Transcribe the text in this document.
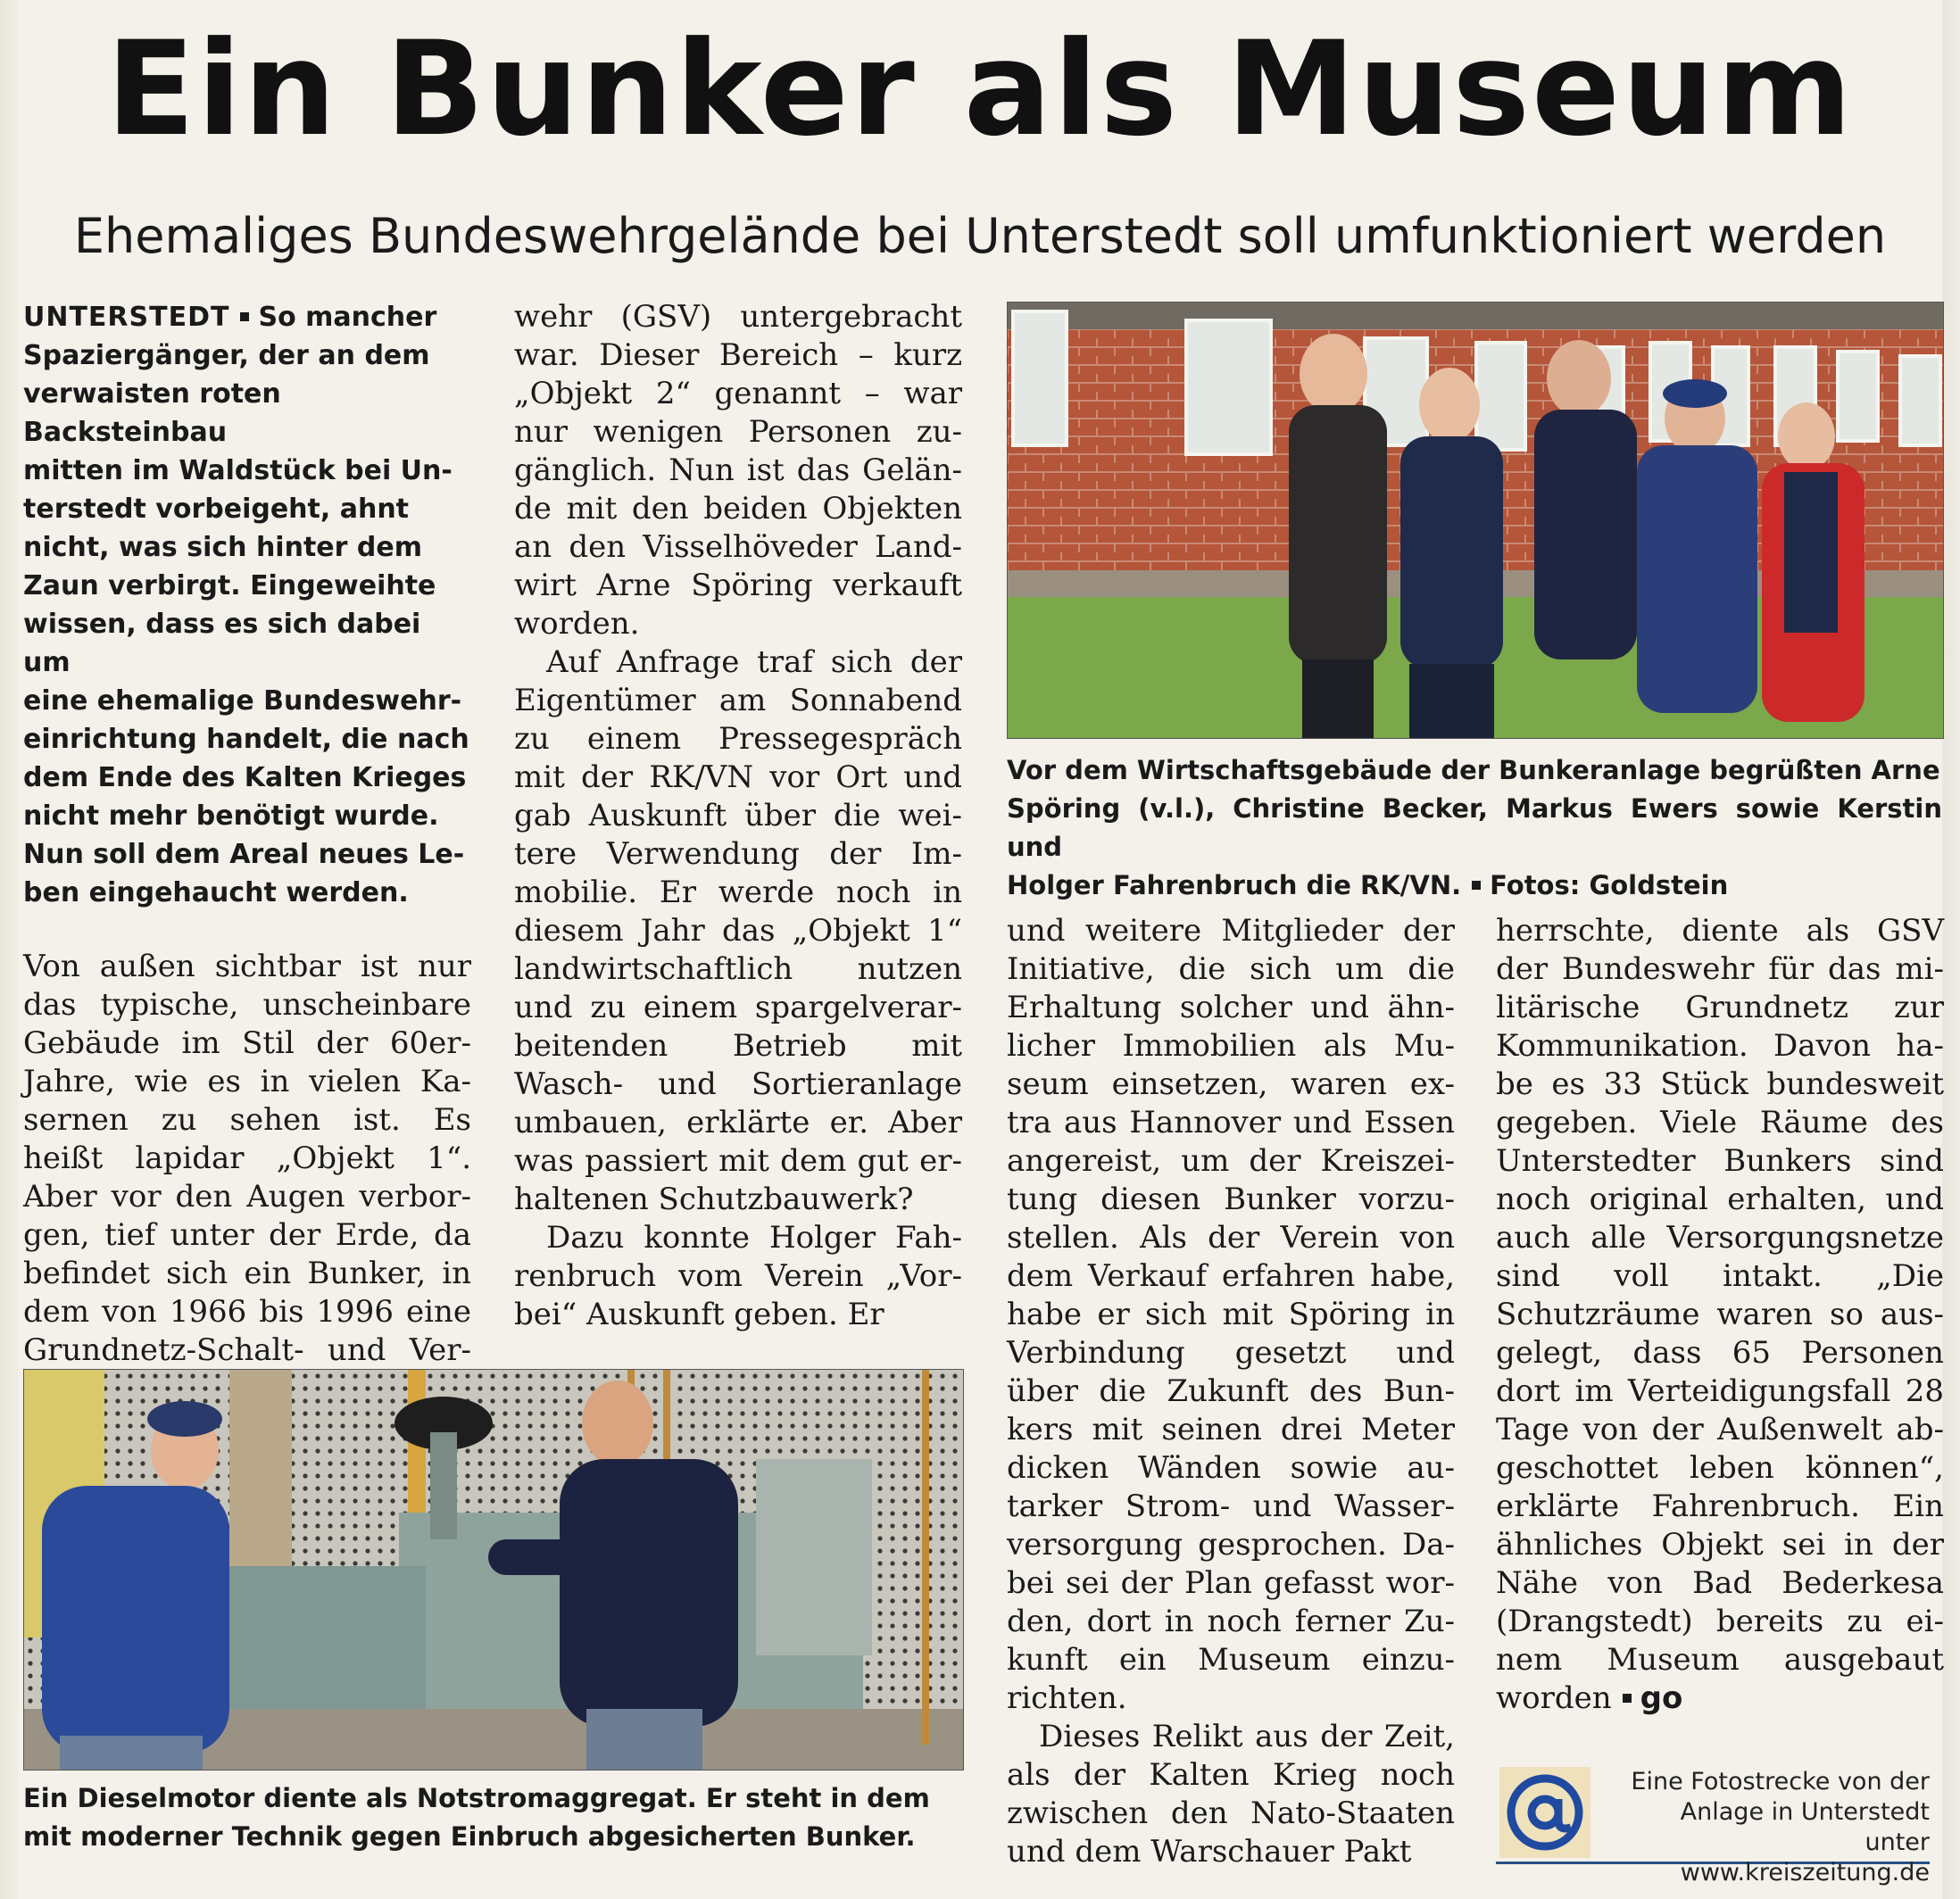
Ein Bunker als Museum
Ehemaliges Bundeswehrgelände bei Unterstedt soll umfunktioniert werden
UNTERSTEDT So mancher
Spaziergänger, der an dem
verwaisten roten Backsteinbau
mitten im Waldstück bei Un-
terstedt vorbeigeht, ahnt
nicht, was sich hinter dem
Zaun verbirgt. Eingeweihte
wissen, dass es sich dabei um
eine ehemalige Bundeswehr-
einrichtung handelt, die nach
dem Ende des Kalten Krieges
nicht mehr benötigt wurde.
Nun soll dem Areal neues Le-
ben eingehaucht werden.
Von außen sichtbar ist nur
das typische, unscheinbare
Gebäude im Stil der 60er-
Jahre, wie es in vielen Ka-
sernen zu sehen ist. Es
heißt lapidar „Objekt 1“.
Aber vor den Augen verbor-
gen, tief unter der Erde, da
befindet sich ein Bunker, in
dem von 1966 bis 1996 eine
Grundnetz-Schalt- und Ver-
wehr (GSV) untergebracht
war. Dieser Bereich – kurz
„Objekt 2“ genannt – war
nur wenigen Personen zu-
gänglich. Nun ist das Gelän-
de mit den beiden Objekten
an den Visselhöveder Land-
wirt Arne Spöring verkauft
worden.
Auf Anfrage traf sich der
Eigentümer am Sonnabend
zu einem Pressegespräch
mit der RK/VN vor Ort und
gab Auskunft über die wei-
tere Verwendung der Im-
mobilie. Er werde noch in
diesem Jahr das „Objekt 1“
landwirtschaftlich nutzen
und zu einem spargelverar-
beitenden Betrieb mit
Wasch- und Sortieranlage
umbauen, erklärte er. Aber
was passiert mit dem gut er-
haltenen Schutzbauwerk?
Dazu konnte Holger Fah-
renbruch vom Verein „Vor-
bei“ Auskunft geben. Er
Vor dem Wirtschaftsgebäude der Bunkeranlage begrüßten Arne
Spöring (v.l.), Christine Becker, Markus Ewers sowie Kerstin und
Holger Fahrenbruch die RK/VN. Fotos: Goldstein
und weitere Mitglieder der
Initiative, die sich um die
Erhaltung solcher und ähn-
licher Immobilien als Mu-
seum einsetzen, waren ex-
tra aus Hannover und Essen
angereist, um der Kreiszei-
tung diesen Bunker vorzu-
stellen. Als der Verein von
dem Verkauf erfahren habe,
habe er sich mit Spöring in
Verbindung gesetzt und
über die Zukunft des Bun-
kers mit seinen drei Meter
dicken Wänden sowie au-
tarker Strom- und Wasser-
versorgung gesprochen. Da-
bei sei der Plan gefasst wor-
den, dort in noch ferner Zu-
kunft ein Museum einzu-
richten.
Dieses Relikt aus der Zeit,
als der Kalten Krieg noch
zwischen den Nato-Staaten
und dem Warschauer Pakt
herrschte, diente als GSV
der Bundeswehr für das mi-
litärische Grundnetz zur
Kommunikation. Davon ha-
be es 33 Stück bundesweit
gegeben. Viele Räume des
Unterstedter Bunkers sind
noch original erhalten, und
auch alle Versorgungsnetze
sind voll intakt. „Die
Schutzräume waren so aus-
gelegt, dass 65 Personen
dort im Verteidigungsfall 28
Tage von der Außenwelt ab-
geschottet leben können“,
erklärte Fahrenbruch. Ein
ähnliches Objekt sei in der
Nähe von Bad Bederkesa
(Drangstedt) bereits zu ei-
nem Museum ausgebaut
worden go
Ein Dieselmotor diente als Notstromaggregat. Er steht in dem
mit moderner Technik gegen Einbruch abgesicherten Bunker.
Eine Fotostrecke von der
Anlage in Unterstedt unter
www.kreiszeitung.de
